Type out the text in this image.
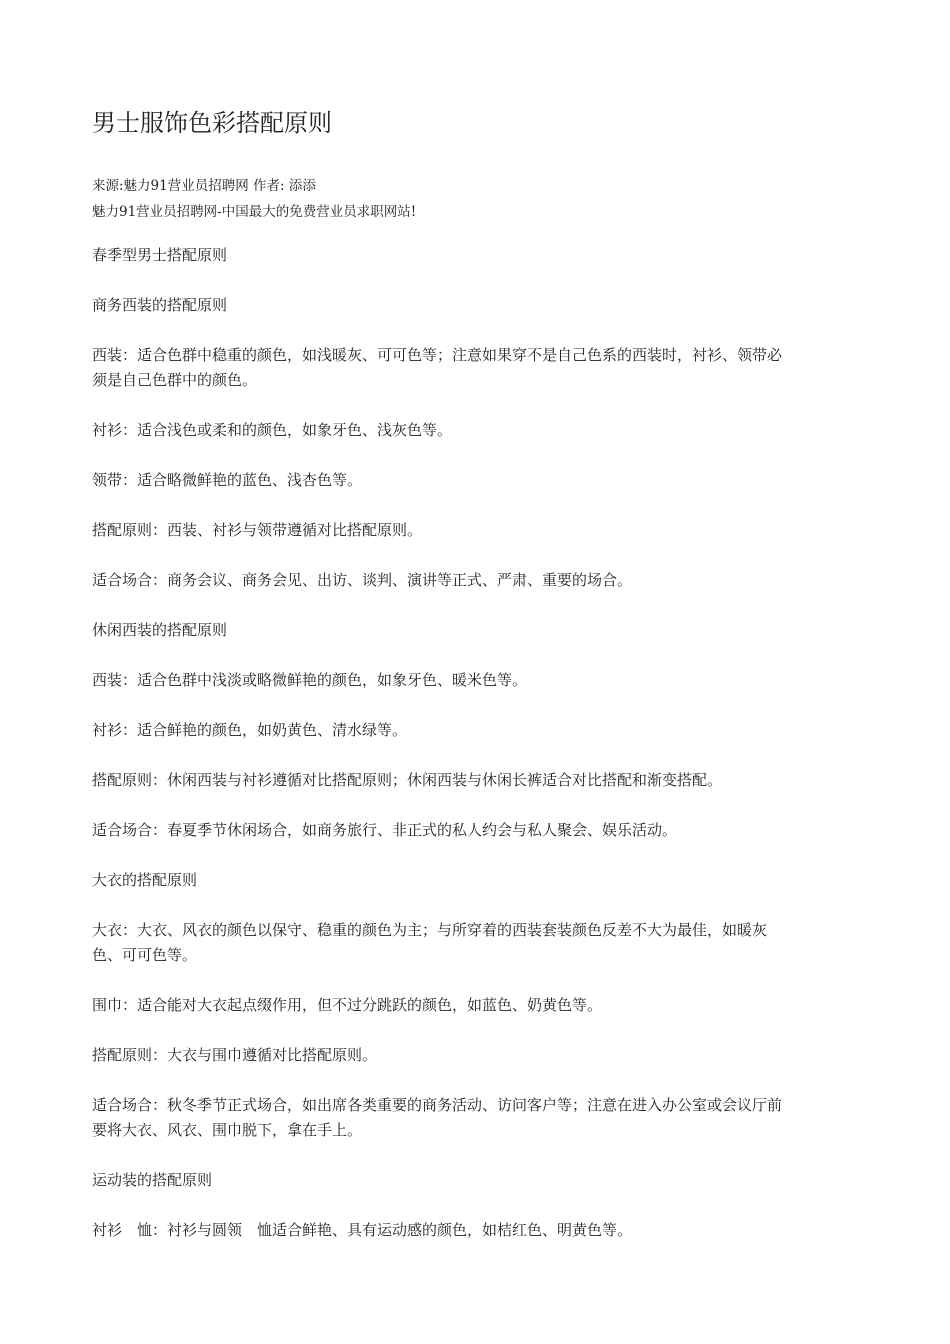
男士服饰色彩搭配原则
来源:魅力91营业员招聘网 作者: 添添
魅力91营业员招聘网-中国最大的免费营业员求职网站!

春季型男士搭配原则

商务西装的搭配原则

西装：适合色群中稳重的颜色，如浅暖灰、可可色等；注意如果穿不是自己色系的西装时，衬衫、领带必须是自己色群中的颜色。

衬衫：适合浅色或柔和的颜色，如象牙色、浅灰色等。

领带：适合略微鲜艳的蓝色、浅杏色等。

搭配原则：西装、衬衫与领带遵循对比搭配原则。

适合场合：商务会议、商务会见、出访、谈判、演讲等正式、严肃、重要的场合。

休闲西装的搭配原则

西装：适合色群中浅淡或略微鲜艳的颜色，如象牙色、暖米色等。

衬衫：适合鲜艳的颜色，如奶黄色、清水绿等。

搭配原则：休闲西装与衬衫遵循对比搭配原则；休闲西装与休闲长裤适合对比搭配和渐变搭配。

适合场合：春夏季节休闲场合，如商务旅行、非正式的私人约会与私人聚会、娱乐活动。

大衣的搭配原则

大衣：大衣、风衣的颜色以保守、稳重的颜色为主；与所穿着的西装套装颜色反差不大为最佳，如暖灰色、可可色等。

围巾：适合能对大衣起点缀作用，但不过分跳跃的颜色，如蓝色、奶黄色等。

搭配原则：大衣与围巾遵循对比搭配原则。

适合场合：秋冬季节正式场合，如出席各类重要的商务活动、访问客户等；注意在进入办公室或会议厅前要将大衣、风衣、围巾脱下，拿在手上。

运动装的搭配原则

衬衫　恤：衬衫与圆领　恤适合鲜艳、具有运动感的颜色，如桔红色、明黄色等。
